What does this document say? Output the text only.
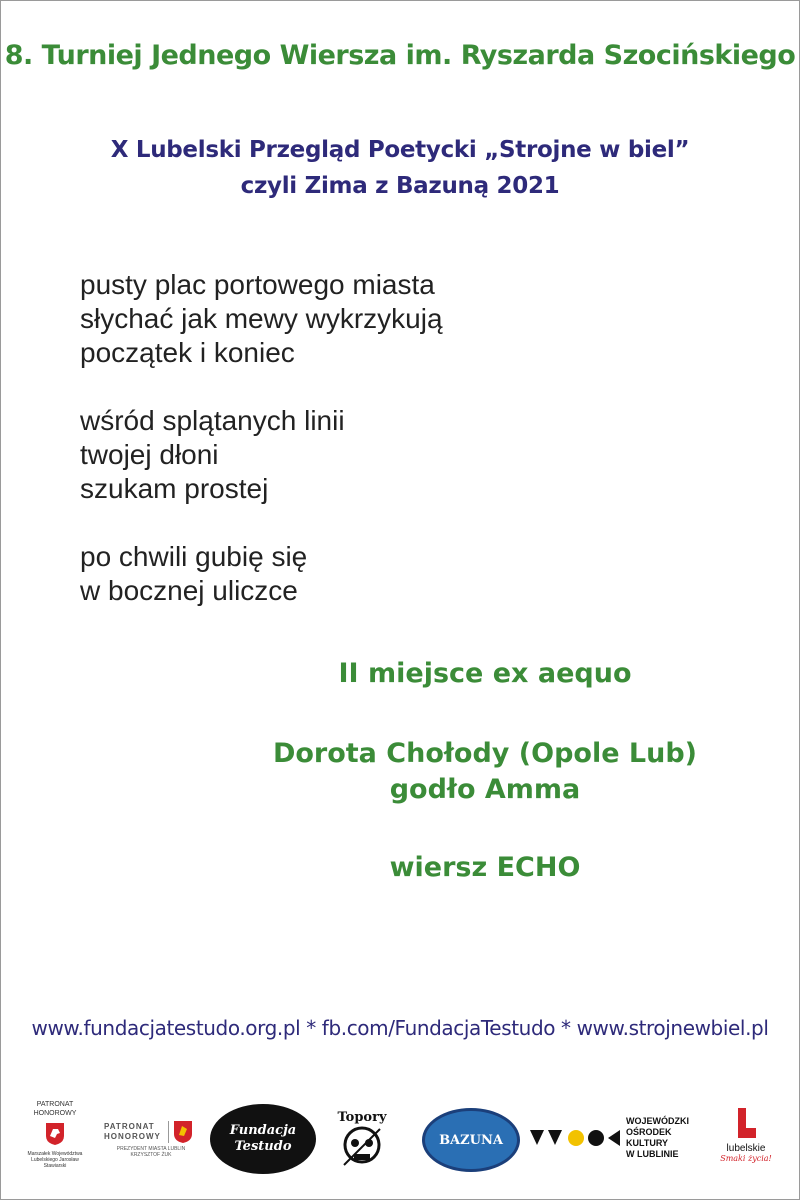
8. Turniej Jednego Wiersza im. Ryszarda Szocińskiego
X Lubelski Przegląd Poetycki „Strojne w biel”
czyli Zima z Bazuną 2021
pusty plac portowego miasta
słychać jak mewy wykrzykują
początek i koniec
wśród splątanych linii
twojej dłoni
szukam prostej
po chwili gubię się
w bocznej uliczce
II miejsce ex aequo
Dorota Chołody (Opole Lub)
godło Amma
wiersz ECHO
www.fundacjatestudo.org.pl * fb.com/FundacjaTestudo * www.strojnewbiel.pl
PATRONAT HONOROWY
Marszałek Województwa Lubelskiego Jarosław Stawiarski
PATRONAT HONOROWY
PREZYDENT MIASTA LUBLIN KRZYSZTOF ŻUK
Fundacja Testudo
Topory
BAZUNA
WOJEWÓDZKI
OŚRODEK
KULTURY
W LUBLINIE	lubelskie
Smaki życia!
